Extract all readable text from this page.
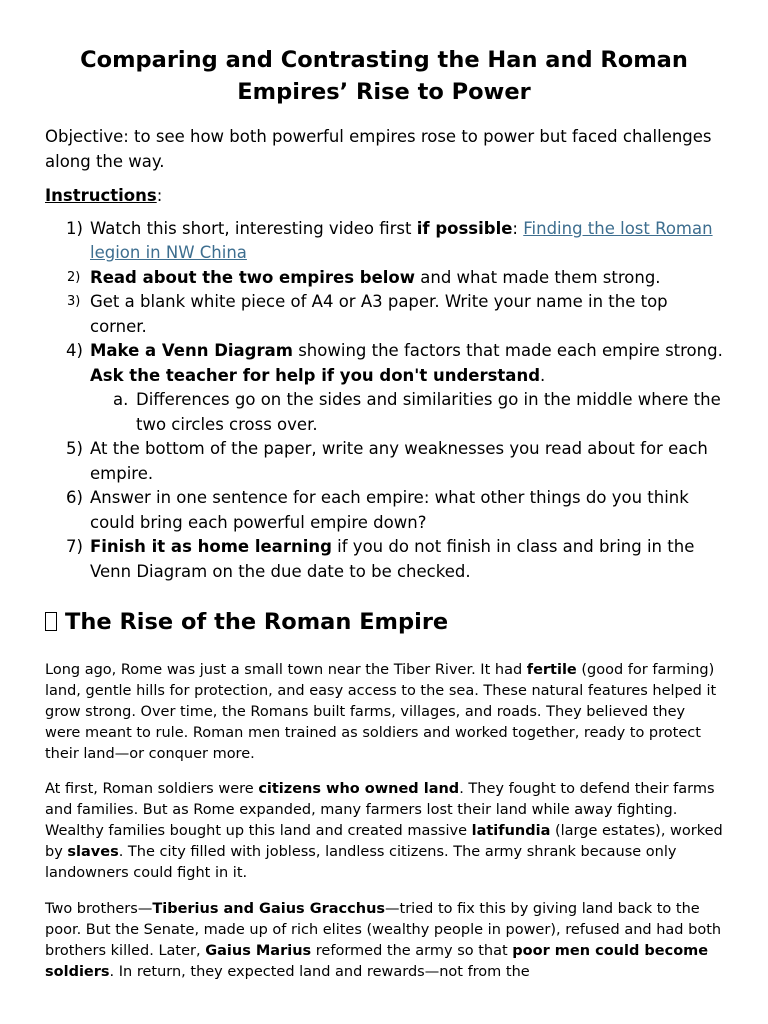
Comparing and Contrasting the Han and Roman Empires’ Rise to Power

Objective: to see how both powerful empires rose to power but faced challenges along the way.

Instructions:

1) Watch this short, interesting video first if possible: Finding the lost Roman legion in NW China
2) Read about the two empires below and what made them strong.
3) Get a blank white piece of A4 or A3 paper. Write your name in the top corner.
4) Make a Venn Diagram showing the factors that made each empire strong. Ask the teacher for help if you don't understand.
a. Differences go on the sides and similarities go in the middle where the two circles cross over.
5) At the bottom of the paper, write any weaknesses you read about for each empire.
6) Answer in one sentence for each empire: what other things do you think could bring each powerful empire down?
7) Finish it as home learning if you do not finish in class and bring in the Venn Diagram on the due date to be checked.
The Rise of the Roman Empire

Long ago, Rome was just a small town near the Tiber River. It had fertile (good for farming) land, gentle hills for protection, and easy access to the sea. These natural features helped it grow strong. Over time, the Romans built farms, villages, and roads. They believed they were meant to rule. Roman men trained as soldiers and worked together, ready to protect their land—or conquer more.

At first, Roman soldiers were citizens who owned land. They fought to defend their farms and families. But as Rome expanded, many farmers lost their land while away fighting. Wealthy families bought up this land and created massive latifundia (large estates), worked by slaves. The city filled with jobless, landless citizens. The army shrank because only landowners could fight in it.

Two brothers—Tiberius and Gaius Gracchus—tried to fix this by giving land back to the poor. But the Senate, made up of rich elites (wealthy people in power), refused and had both brothers killed. Later, Gaius Marius reformed the army so that poor men could become soldiers. In return, they expected land and rewards—not from the
